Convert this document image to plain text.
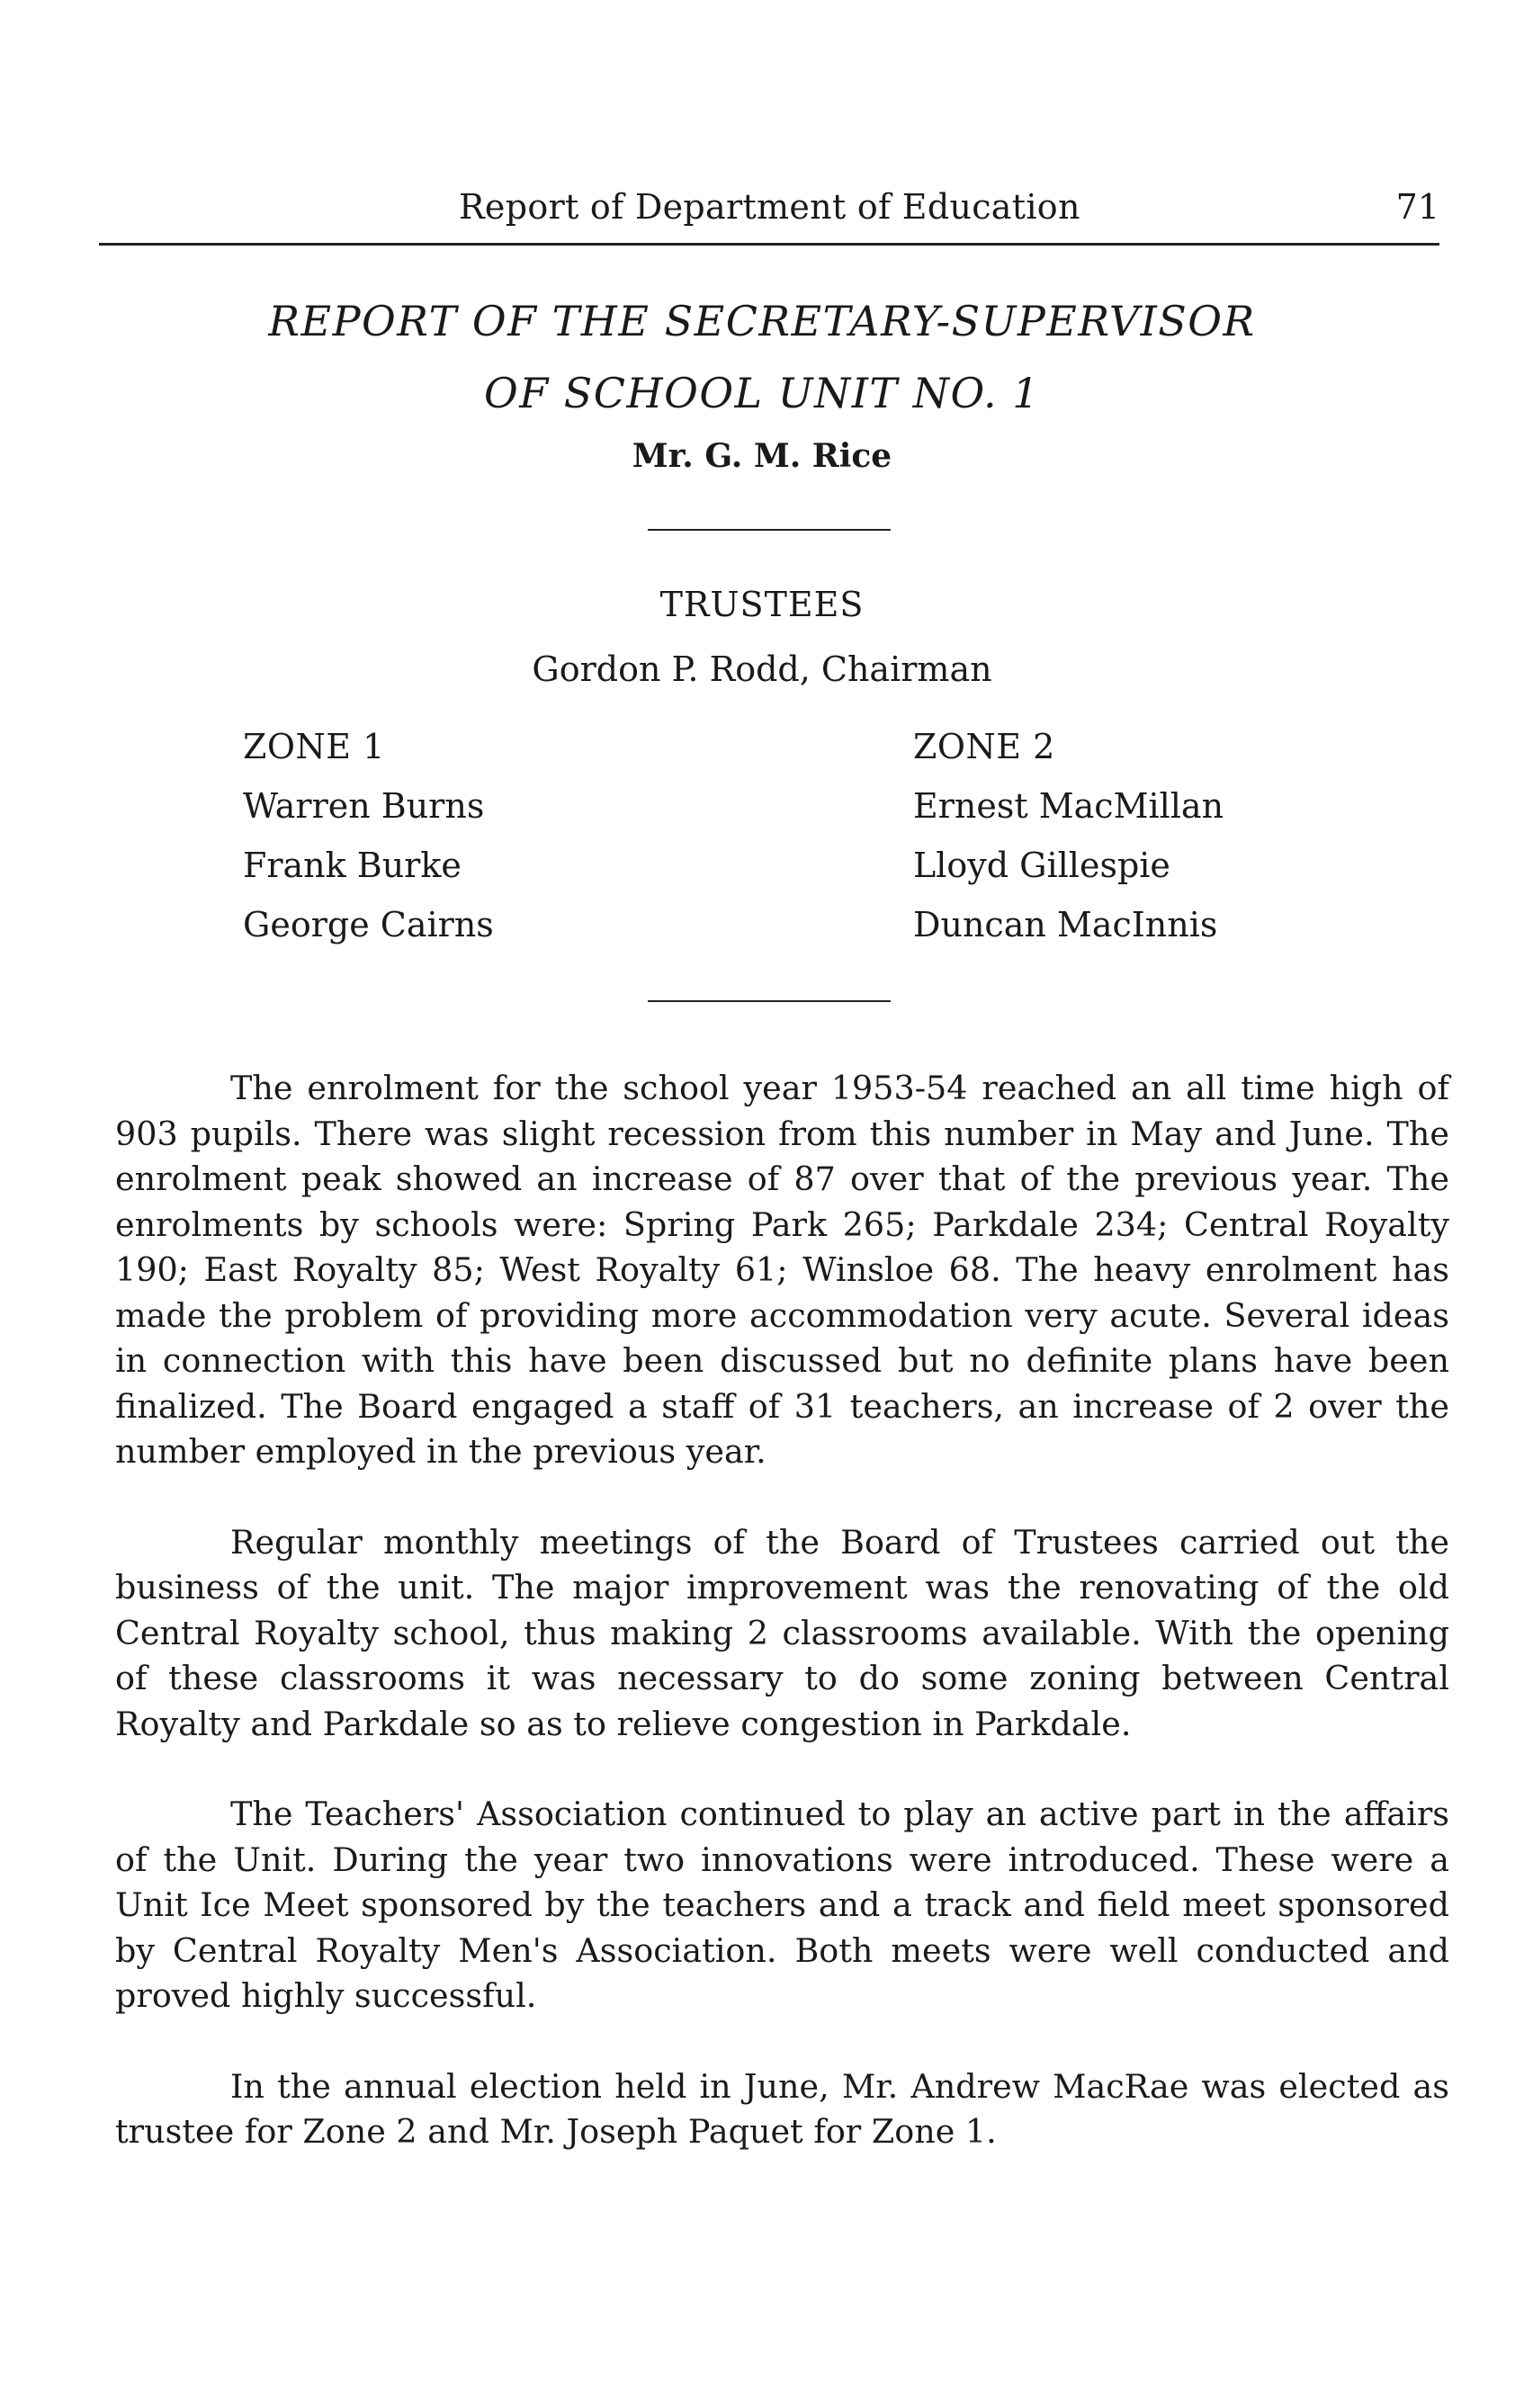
Report of Department of Education	71
REPORT OF THE SECRETARY-SUPERVISOR
OF SCHOOL UNIT NO. 1
Mr. G. M. Rice
TRUSTEES
Gordon P. Rodd, Chairman
ZONE 1
Warren Burns
Frank Burke
George Cairns
ZONE 2
Ernest MacMillan
Lloyd Gillespie
Duncan MacInnis

The enrolment for the school year 1953-54 reached an all time high of 903 pupils. There was slight recession from this number in May and June. The enrolment peak showed an increase of 87 over that of the previous year. The enrolments by schools were: Spring Park 265; Parkdale 234; Central Royalty 190; East Royalty 85; West Royalty 61; Winsloe 68. The heavy enrolment has made the problem of providing more accommodation very acute. Several ideas in connection with this have been discussed but no definite plans have been finalized. The Board engaged a staff of 31 teachers, an increase of 2 over the number employed in the previous year.

Regular monthly meetings of the Board of Trustees carried out the business of the unit. The major improvement was the renovating of the old Central Royalty school, thus making 2 classrooms available. With the opening of these classrooms it was necessary to do some zoning between Central Royalty and Parkdale so as to relieve congestion in Parkdale.

The Teachers' Association continued to play an active part in the affairs of the Unit. During the year two innovations were introduced. These were a Unit Ice Meet sponsored by the teachers and a track and field meet sponsored by Central Royalty Men's Association. Both meets were well conducted and proved highly successful.

In the annual election held in June, Mr. Andrew MacRae was elected as trustee for Zone 2 and Mr. Joseph Paquet for Zone 1.
